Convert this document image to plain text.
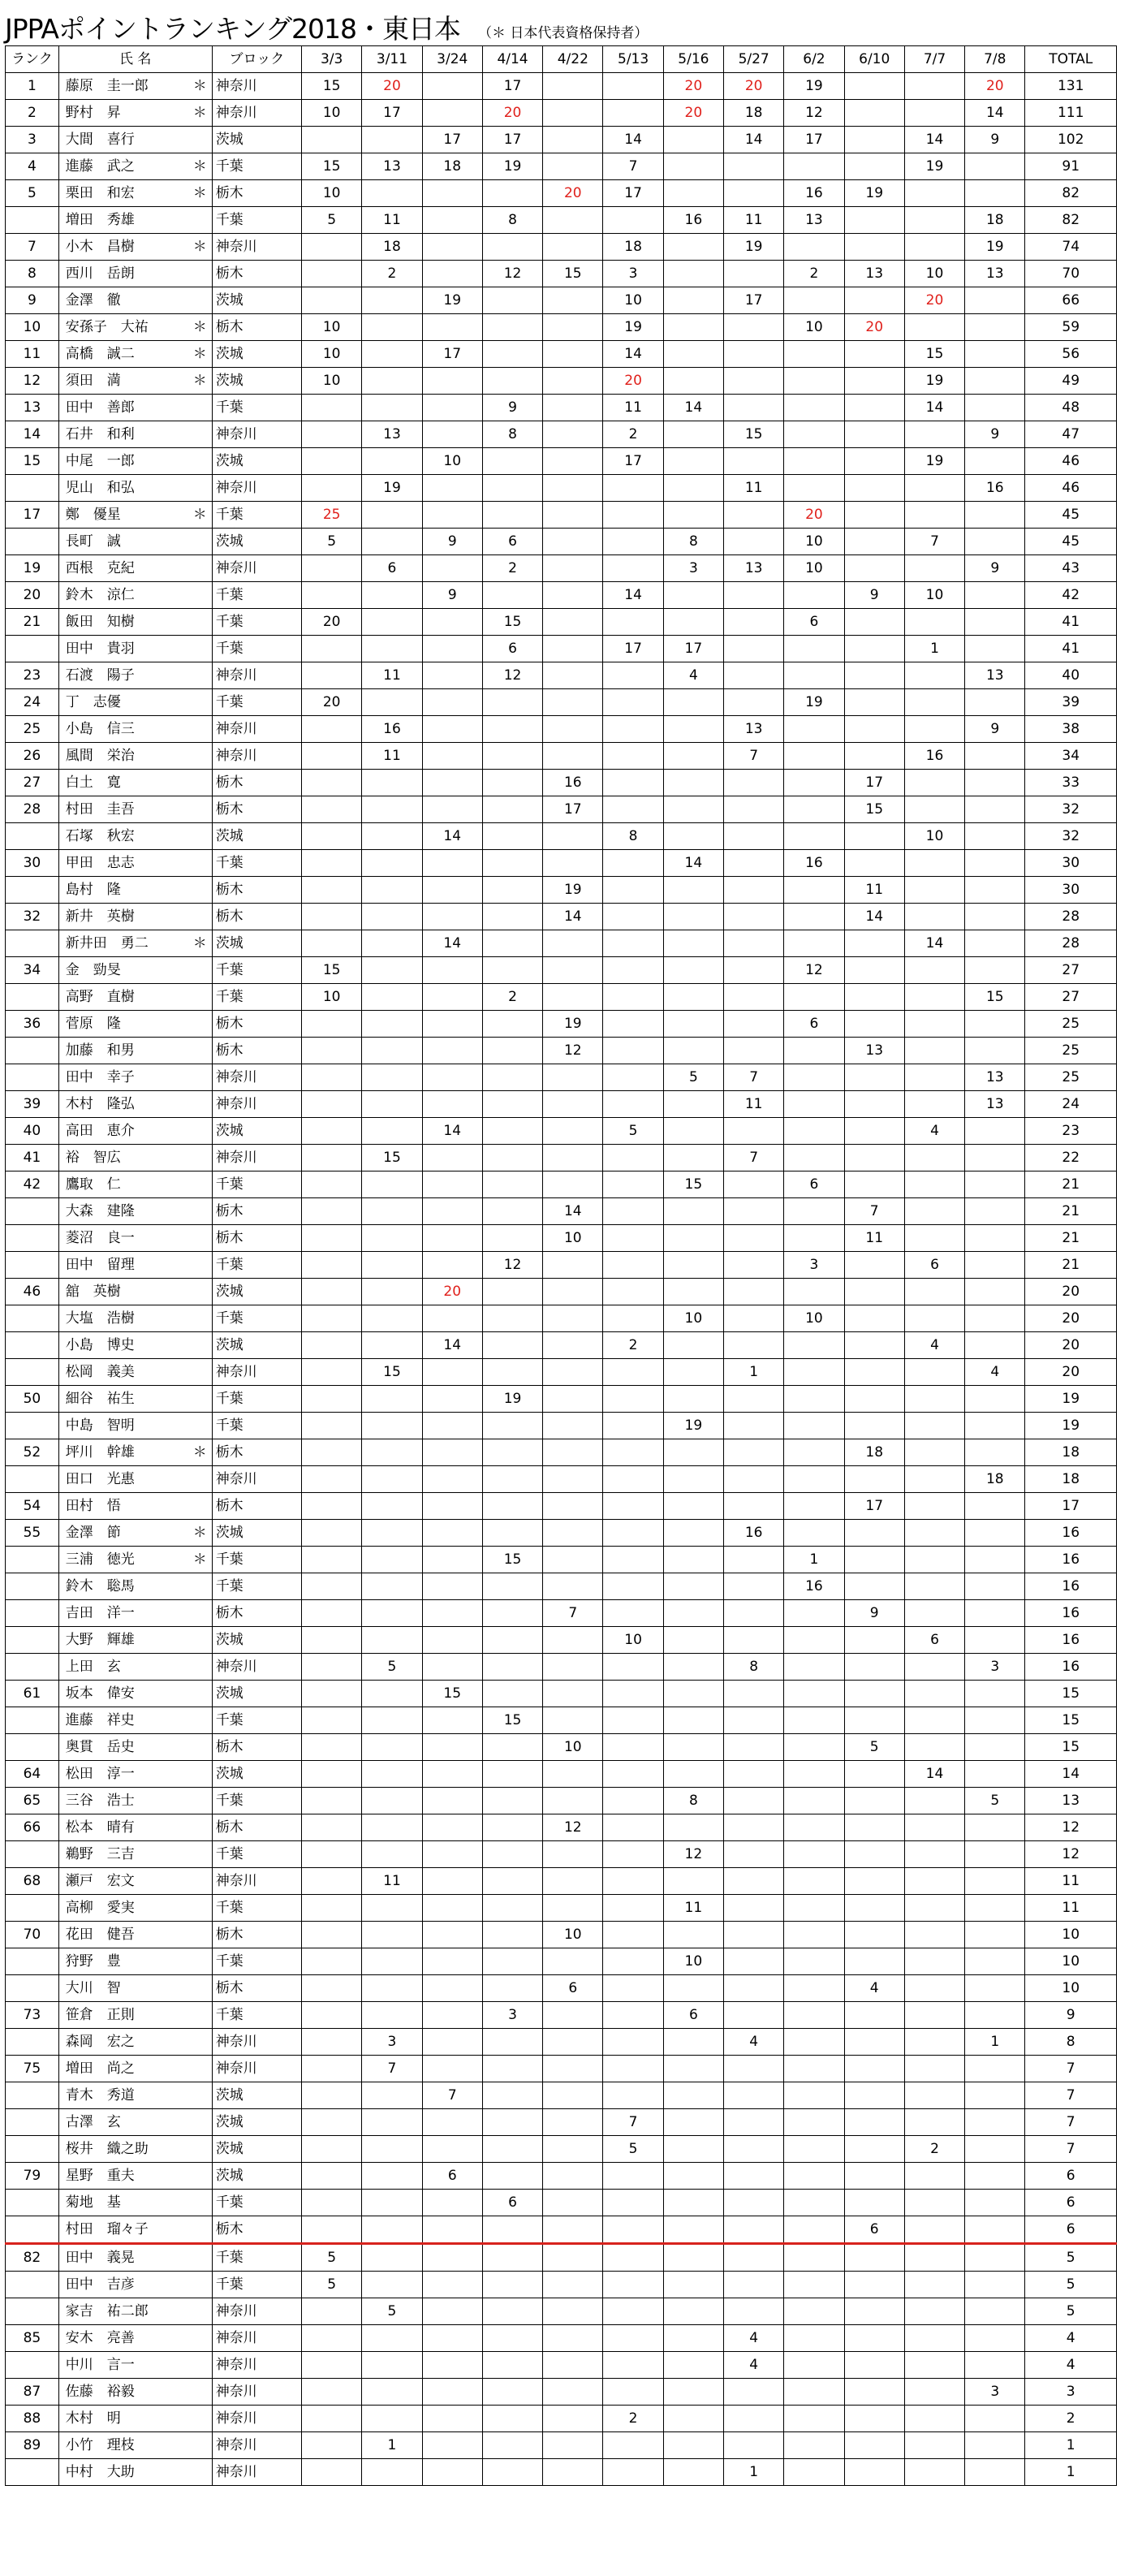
JPPAポイントランキング2018・東日本 （＊ 日本代表資格保持者）
ランク	氏 名	ブロック	3/3	3/11	3/24	4/14	4/22	5/13	5/16	5/27	6/2	6/10	7/7	7/8	TOTAL
1	藤原　圭一郎 ＊	神奈川	15	20		17			20	20	19			20	131
2	野村　昇 ＊	神奈川	10	17		20			20	18	12			14	111
3	大間　喜行	茨城			17	17		14		14	17		14	9	102
4	進藤　武之 ＊	千葉	15	13	18	19		7					19		91
5	栗田　和宏 ＊	栃木	10				20	17			16	19			82
	増田　秀雄	千葉	5	11		8			16	11	13			18	82
7	小木　昌樹 ＊	神奈川		18				18		19				19	74
8	西川　岳朗	栃木		2		12	15	3			2	13	10	13	70
9	金澤　徹	茨城			19			10		17			20		66
10	安孫子　大祐 ＊	栃木	10					19			10	20			59
11	高橋　誠二 ＊	茨城	10		17			14					15		56
12	須田　満 ＊	茨城	10					20					19		49
13	田中　善郎	千葉				9		11	14				14		48
14	石井　和利	神奈川		13		8		2		15				9	47
15	中尾　一郎	茨城			10			17					19		46
	児山　和弘	神奈川		19						11				16	46
17	鄭　優星 ＊	千葉	25								20				45
	長町　誠	茨城	5		9	6			8		10		7		45
19	西根　克紀	神奈川		6		2			3	13	10			9	43
20	鈴木　涼仁	千葉			9			14				9	10		42
21	飯田　知樹	千葉	20			15					6				41
	田中　貴羽	千葉				6		17	17				1		41
23	石渡　陽子	神奈川		11		12			4					13	40
24	丁　志優	千葉	20								19				39
25	小島　信三	神奈川		16						13				9	38
26	風間　栄治	神奈川		11						7			16		34
27	白土　寛	栃木					16					17			33
28	村田　圭吾	栃木					17					15			32
	石塚　秋宏	茨城			14			8					10		32
30	甲田　忠志	千葉							14		16				30
	島村　隆	栃木					19					11			30
32	新井　英樹	栃木					14					14			28
	新井田　勇二 ＊	茨城			14								14		28
34	金　勁旻	千葉	15								12				27
	高野　直樹	千葉	10			2								15	27
36	菅原　隆	栃木					19				6				25
	加藤　和男	栃木					12					13			25
	田中　幸子	神奈川							5	7				13	25
39	木村　隆弘	神奈川								11				13	24
40	高田　恵介	茨城			14			5					4		23
41	裕　智広	神奈川		15						7					22
42	鷹取　仁	千葉							15		6				21
	大森　建隆	栃木					14					7			21
	菱沼　良一	栃木					10					11			21
	田中　留理	千葉				12					3		6		21
46	舘　英樹	茨城			20										20
	大塩　浩樹	千葉							10		10				20
	小島　博史	茨城			14			2					4		20
	松岡　義美	神奈川		15						1				4	20
50	細谷　祐生	千葉				19									19
	中島　智明	千葉							19						19
52	坪川　幹雄 ＊	栃木										18			18
	田口　光惠	神奈川												18	18
54	田村　悟	栃木										17			17
55	金澤　節 ＊	茨城								16					16
	三浦　徳光 ＊	千葉				15					1				16
	鈴木　聡馬	千葉									16				16
	吉田　洋一	栃木					7					9			16
	大野　輝雄	茨城						10					6		16
	上田　玄	神奈川		5						8				3	16
61	坂本　偉安	茨城			15										15
	進藤　祥史	千葉				15									15
	奥貫　岳史	栃木					10					5			15
64	松田　淳一	茨城											14		14
65	三谷　浩士	千葉							8					5	13
66	松本　晴有	栃木					12								12
	鵜野　三吉	千葉							12						12
68	瀬戸　宏文	神奈川		11											11
	高柳　愛実	千葉							11						11
70	花田　健吾	栃木					10								10
	狩野　豊	千葉							10						10
	大川　智	栃木					6					4			10
73	笹倉　正則	千葉				3			6						9
	森岡　宏之	神奈川		3						4				1	8
75	増田　尚之	神奈川		7											7
	青木　秀道	茨城			7										7
	古澤　玄	茨城						7							7
	桜井　織之助	茨城						5					2		7
79	星野　重夫	茨城			6										6
	菊地　基	千葉				6									6
	村田　瑠々子	栃木										6			6
82	田中　義晃	千葉	5												5
	田中　吉彦	千葉	5												5
	家吉　祐二郎	神奈川		5											5
85	安木　亮善	神奈川								4					4
	中川　言一	神奈川								4					4
87	佐藤　裕毅	神奈川												3	3
88	木村　明	神奈川						2							2
89	小竹　理枝	神奈川		1											1
	中村　大助	神奈川								1					1
